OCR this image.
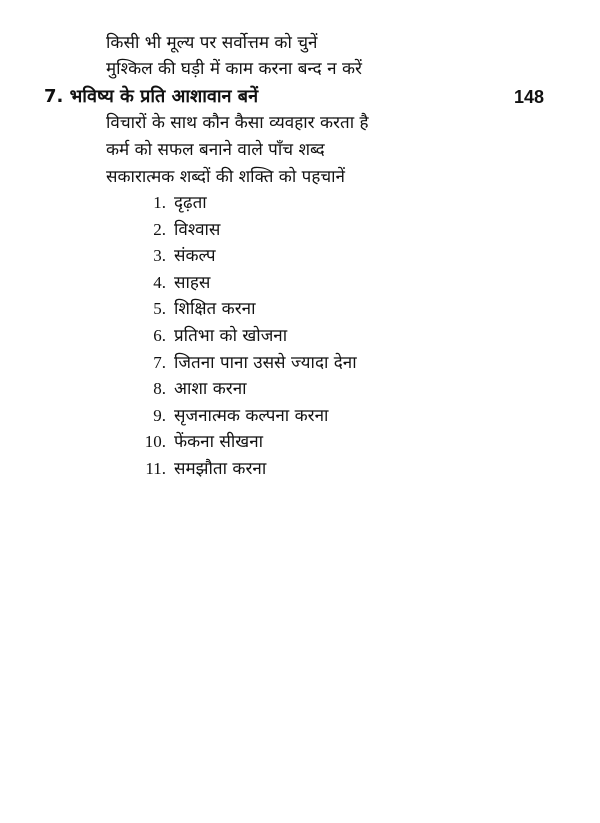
किसी भी मूल्य पर सर्वोत्तम को चुनें
मुश्किल की घड़ी में काम करना बन्द न करें
7. भविष्य के प्रति आशावान बनें	148
विचारों के साथ कौन कैसा व्यवहार करता है
कर्म को सफल बनाने वाले पाँच शब्द
सकारात्मक शब्दों की शक्ति को पहचानें
1. दृढ़ता
2. विश्वास
3. संकल्प
4. साहस
5. शिक्षित करना
6. प्रतिभा को खोजना
7. जितना पाना उससे ज्यादा देना
8. आशा करना
9. सृजनात्मक कल्पना करना
10. फेंकना सीखना
11. समझौता करना
